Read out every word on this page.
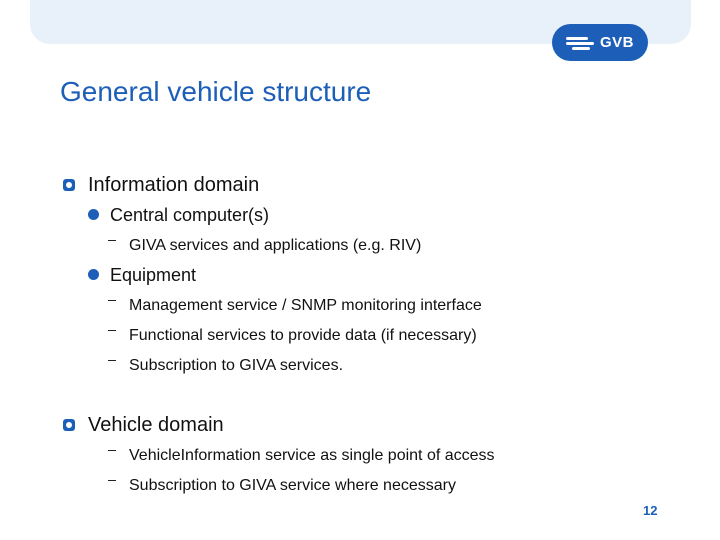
GVB
General vehicle structure
Information domain
Central computer(s)
GIVA services and applications (e.g. RIV)
Equipment
Management service / SNMP monitoring interface
Functional services to provide data (if necessary)
Subscription to GIVA services.
Vehicle domain
VehicleInformation service as single point of access
Subscription to GIVA service where necessary
12
